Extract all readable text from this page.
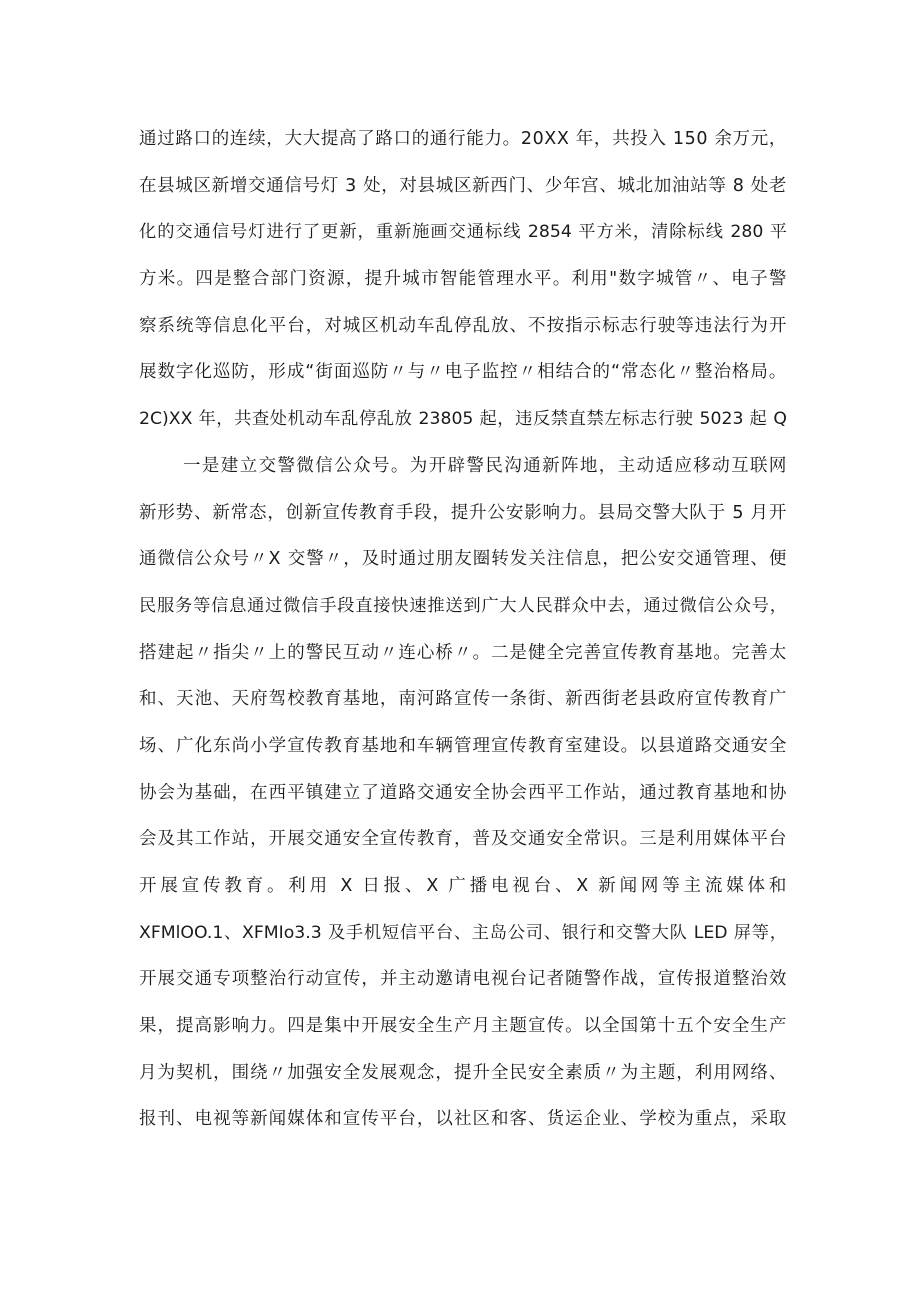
通过路口的连续，大大提高了路口的通行能力。20XX 年，共投入 150 余万元，
在县城区新增交通信号灯 3 处，对县城区新西门、少年宫、城北加油站等 8 处老
化的交通信号灯进行了更新，重新施画交通标线 2854 平方米，清除标线 280 平
方米。四是整合部门资源，提升城市智能管理水平。利用"数字城管〃、电子警
察系统等信息化平台，对城区机动车乱停乱放、不按指示标志行驶等违法行为开
展数字化巡防，形成“街面巡防〃与〃电子监控〃相结合的“常态化〃整治格局。
2C)XX 年，共查处机动车乱停乱放 23805 起，违反禁直禁左标志行驶 5023 起 Q
一是建立交警微信公众号。为开辟警民沟通新阵地，主动适应移动互联网
新形势、新常态，创新宣传教育手段，提升公安影响力。县局交警大队于 5 月开
通微信公众号〃X 交警〃，及时通过朋友圈转发关注信息，把公安交通管理、便
民服务等信息通过微信手段直接快速推送到广大人民群众中去，通过微信公众号，
搭建起〃指尖〃上的警民互动〃连心桥〃。二是健全完善宣传教育基地。完善太
和、天池、天府驾校教育基地，南河路宣传一条街、新西街老县政府宣传教育广
场、广化东尚小学宣传教育基地和车辆管理宣传教育室建设。以县道路交通安全
协会为基础，在西平镇建立了道路交通安全协会西平工作站，通过教育基地和协
会及其工作站，开展交通安全宣传教育，普及交通安全常识。三是利用媒体平台
开展宣传教育。利用 X 日报、X 广播电视台、X 新闻网等主流媒体和
XFMlOO.1、XFMIo3.3 及手机短信平台、主岛公司、银行和交警大队 LED 屏等，
开展交通专项整治行动宣传，并主动邀请电视台记者随警作战，宣传报道整治效
果，提高影响力。四是集中开展安全生产月主题宣传。以全国第十五个安全生产
月为契机，围绕〃加强安全发展观念，提升全民安全素质〃为主题，利用网络、
报刊、电视等新闻媒体和宣传平台，以社区和客、货运企业、学校为重点，采取
